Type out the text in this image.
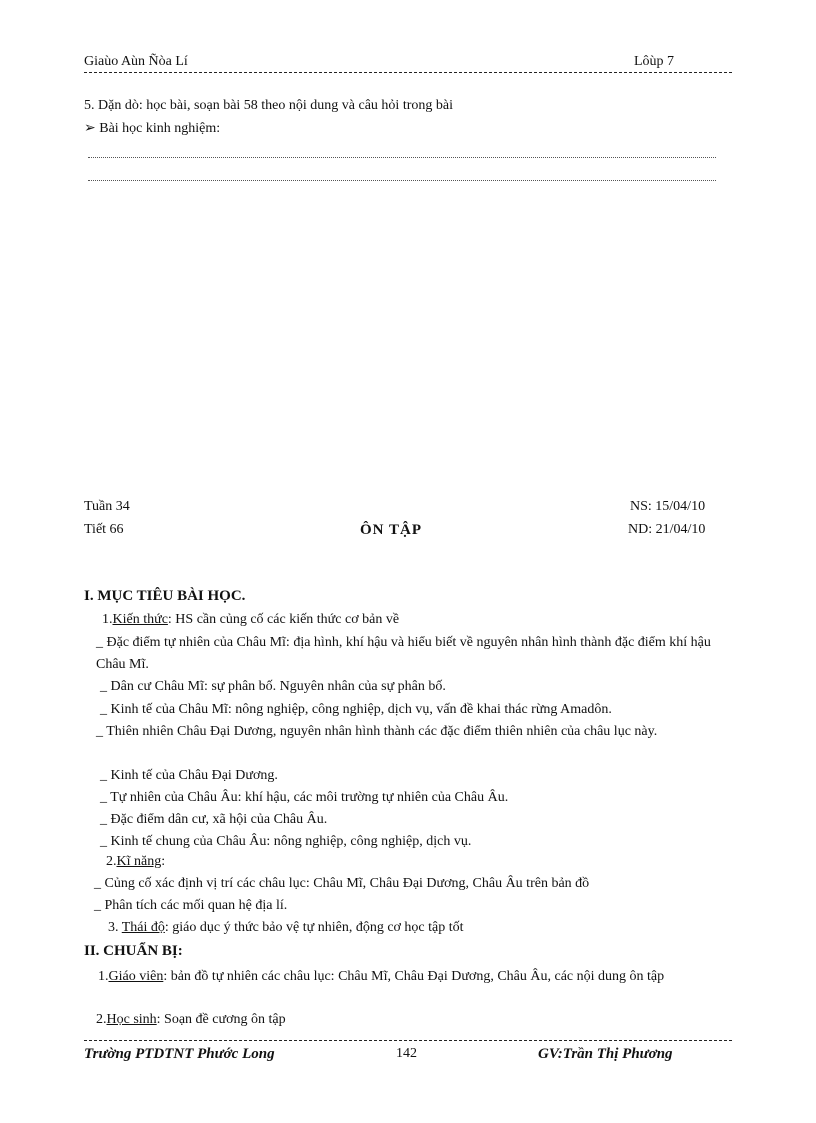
Giaùo Aùn Ñòa Lí	Lôùp 7
5. Dặn dò: học bài, soạn bài 58 theo nội dung và câu hỏi trong bài
➢ Bài học kinh nghiệm:
Tuần 34
Tiết 66	ÔN TẬP
NS: 15/04/10
ND: 21/04/10
I. MỤC TIÊU BÀI HỌC.
1.Kiến thức: HS cần củng cố các kiến thức cơ bản về
_ Đặc điểm tự nhiên của Châu Mĩ: địa hình, khí hậu và hiểu biết về nguyên nhân hình thành đặc điểm khí hậu Châu Mĩ.
_ Dân cư Châu Mĩ: sự phân bố. Nguyên nhân của sự phân bố.
_ Kinh tế của Châu Mĩ: nông nghiệp, công nghiệp, dịch vụ, vấn đề khai thác rừng Amadôn.
_ Thiên nhiên Châu Đại Dương, nguyên nhân hình thành các đặc điểm thiên nhiên của châu lục này.
_ Kinh tế của Châu Đại Dương.
_ Tự nhiên của Châu Âu: khí hậu, các môi trường tự nhiên của Châu Âu.
_ Đặc điểm dân cư, xã hội của Châu Âu.
_ Kinh tế chung của Châu Âu: nông nghiệp, công nghiệp, dịch vụ.
2.Kĩ năng:
_ Củng cố xác định vị trí các châu lục: Châu Mĩ, Châu Đại Dương, Châu Âu trên bản đồ
_ Phân tích các mối quan hệ địa lí.
3. Thái độ: giáo dục ý thức bảo vệ tự nhiên, động cơ học tập tốt
II. CHUẨN BỊ:
1.Giáo viên: bản đồ tự nhiên các châu lục: Châu Mĩ, Châu Đại Dương, Châu Âu, các nội dung ôn tập
2.Học sinh: Soạn đề cương ôn tập
Trường PTDTNT Phước Long	142	GV:Trần Thị Phương
